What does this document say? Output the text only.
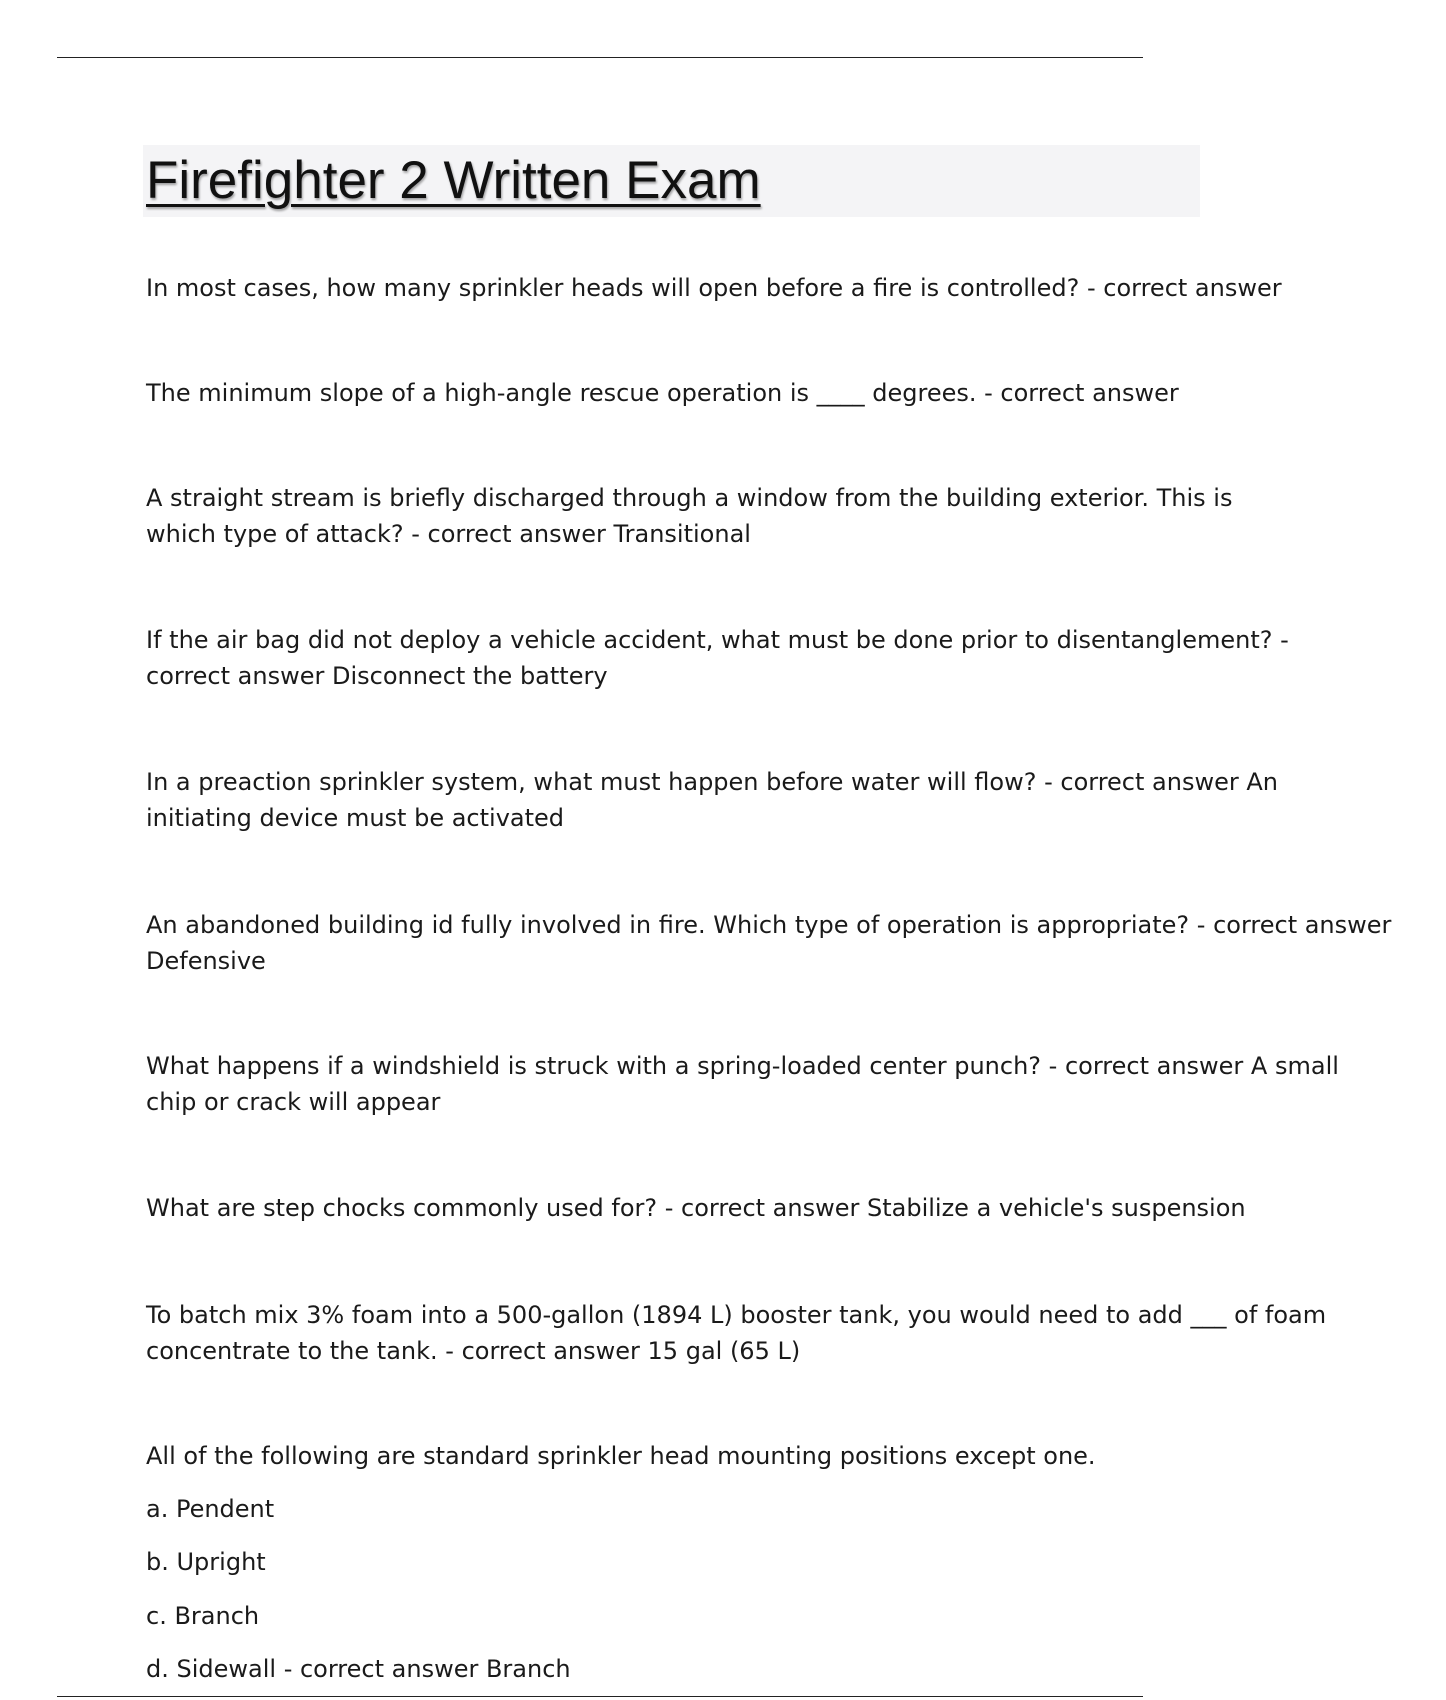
Firefighter 2 Written Exam

In most cases, how many sprinkler heads will open before a fire is controlled? - correct answer

The minimum slope of a high-angle rescue operation is ____ degrees. - correct answer

A straight stream is briefly discharged through a window from the building exterior. This is
which type of attack? - correct answer Transitional

If the air bag did not deploy a vehicle accident, what must be done prior to disentanglement? -
correct answer Disconnect the battery

In a preaction sprinkler system, what must happen before water will flow? - correct answer An
initiating device must be activated

An abandoned building id fully involved in fire. Which type of operation is appropriate? - correct answer
Defensive

What happens if a windshield is struck with a spring-loaded center punch? - correct answer A small
chip or crack will appear

What are step chocks commonly used for? - correct answer Stabilize a vehicle's suspension

To batch mix 3% foam into a 500-gallon (1894 L) booster tank, you would need to add ___ of foam
concentrate to the tank. - correct answer 15 gal (65 L)

All of the following are standard sprinkler head mounting positions except one.

a. Pendent

b. Upright

c. Branch

d. Sidewall - correct answer Branch
